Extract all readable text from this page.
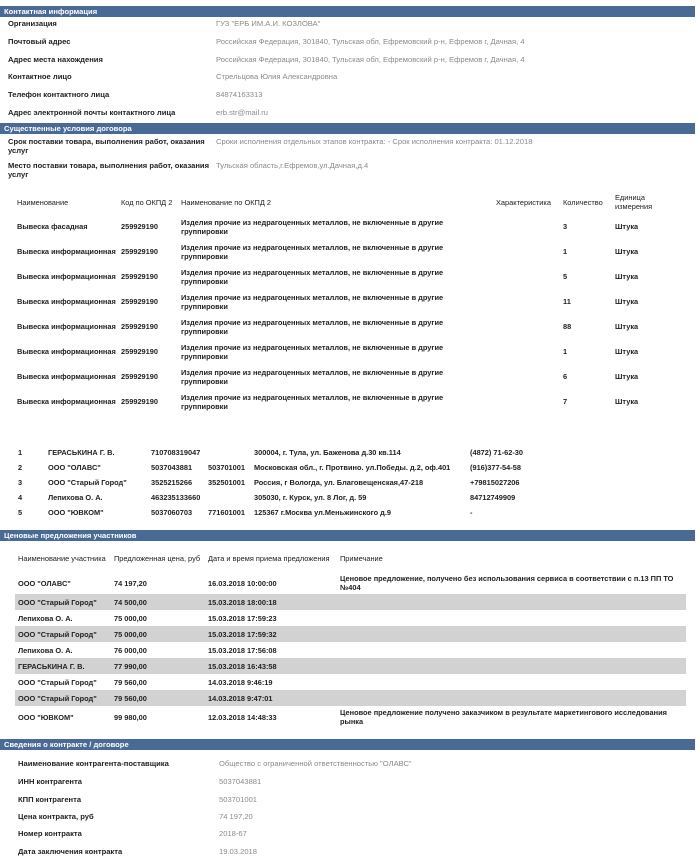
Контактная информация
Организация	ГУЗ "ЕРБ ИМ.А.И. КОЗЛОВА"
Почтовый адрес	Российская Федерация, 301840, Тульская обл, Ефремовский р-н, Ефремов г, Дачная, 4
Адрес места нахождения	Российская Федерация, 301840, Тульская обл, Ефремовский р-н, Ефремов г, Дачная, 4
Контактное лицо	Стрельцова Юлия Александровна
Телефон контактного лица	84874163313
Адрес электронной почты контактного лица	erb.str@mail.ru
Существенные условия договора
Срок поставки товара, выполнения работ, оказания услуг
Сроки исполнения отдельных этапов контракта: - Срок исполнения контракта: 01.12.2018
Место поставки товара, выполнения работ, оказания услуг
Тульская область,г.Ефремов,ул.Дачная,д.4
Наименование	Код по ОКПД 2	Наименование по ОКПД 2	Характеристика	Количество	Единица измерения
Вывеска фасадная	259929190	Изделия прочие из недрагоценных металлов, не включенные в другие группировки		3	Штука
Вывеска информационная	259929190	Изделия прочие из недрагоценных металлов, не включенные в другие группировки		1	Штука
Вывеска информационная	259929190	Изделия прочие из недрагоценных металлов, не включенные в другие группировки		5	Штука
Вывеска информационная	259929190	Изделия прочие из недрагоценных металлов, не включенные в другие группировки		11	Штука
Вывеска информационная	259929190	Изделия прочие из недрагоценных металлов, не включенные в другие группировки		88	Штука
Вывеска информационная	259929190	Изделия прочие из недрагоценных металлов, не включенные в другие группировки		1	Штука
Вывеска информационная	259929190	Изделия прочие из недрагоценных металлов, не включенные в другие группировки		6	Штука
Вывеска информационная	259929190	Изделия прочие из недрагоценных металлов, не включенные в другие группировки		7	Штука
1	ГЕРАСЬКИНА Г. В.	710708319047		300004, г. Тула, ул. Баженова д.30 кв.114	(4872) 71-62-30
2	ООО "ОЛАВС"	5037043881	503701001	Московская обл., г. Протвино. ул.Победы. д.2, оф.401	(916)377-54-58
3	ООО "Старый Город"	3525215266	352501001	Россия, г Вологда, ул. Благовещенская,47-218	+79815027206
4	Лепихова О. А.	463235133660		305030, г. Курск, ул. 8 Лог, д. 59	84712749909
5	ООО "ЮВКОМ"	5037060703	771601001	125367 г.Москва ул.Меньжинского д.9	-
Ценовые предложения участников
Наименование участника	Предложенная цена, руб	Дата и время приема предложения	Примечание
ООО "ОЛАВС"	74 197,20	16.03.2018 10:00:00	Ценовое предложение, получено без использования сервиса в соответствии с п.13 ПП ТО №404
ООО "Старый Город"	74 500,00	15.03.2018 18:00:18	
Лепихова О. А.	75 000,00	15.03.2018 17:59:23	
ООО "Старый Город"	75 000,00	15.03.2018 17:59:32	
Лепихова О. А.	76 000,00	15.03.2018 17:56:08	
ГЕРАСЬКИНА Г. В.	77 990,00	15.03.2018 16:43:58	
ООО "Старый Город"	79 560,00	14.03.2018 9:46:19	
ООО "Старый Город"	79 560,00	14.03.2018 9:47:01	
ООО "ЮВКОМ"	99 980,00	12.03.2018 14:48:33	Ценовое предложение получено заказчиком в результате маркетингового исследования рынка
Сведения о контракте / договоре
Наименование контрагента-поставщика	Общество с ограниченной ответственностью "ОЛАВС"
ИНН контрагента	5037043881
КПП контрагента	503701001
Цена контракта, руб	74 197,20
Номер контракта	2018-67
Дата заключения контракта	19.03.2018
